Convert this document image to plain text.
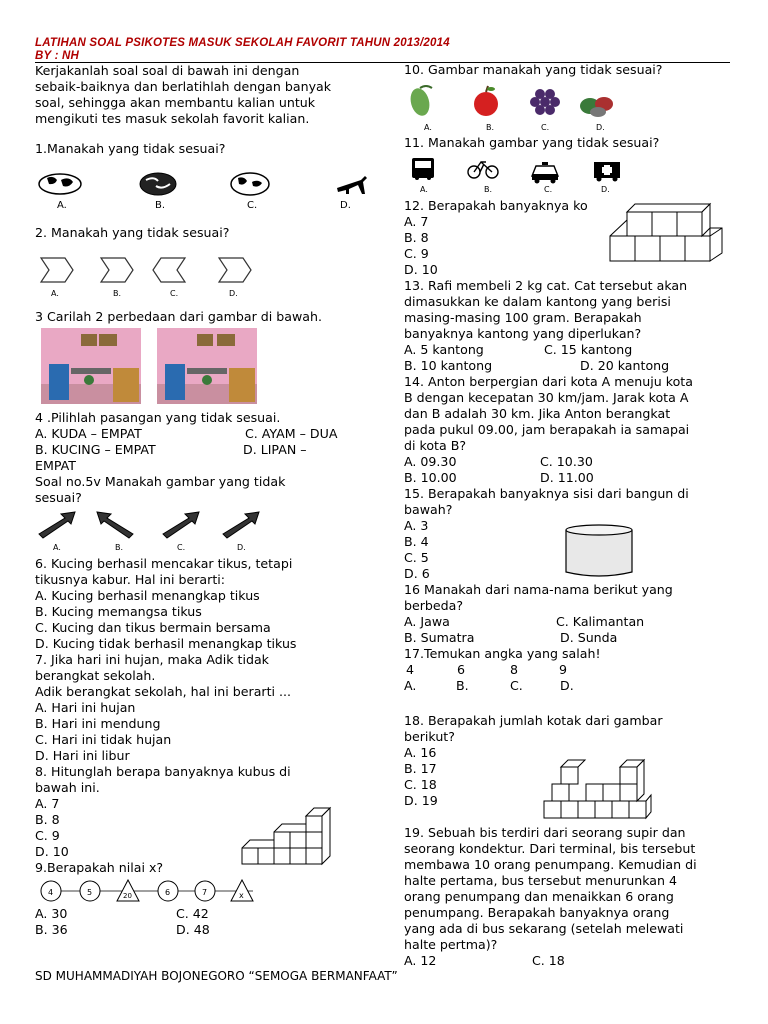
LATIHAN SOAL PSIKOTES MASUK SEKOLAH FAVORIT TAHUN 2013/2014
BY : NH
Kerjakanlah soal soal di bawah ini dengan
sebaik-baiknya dan berlatihlah dengan banyak
soal, sehingga akan membantu kalian untuk
mengikuti tes masuk sekolah favorit kalian.
1.Manakah yang tidak sesuai?
A.	B.	C.	D.
2. Manakah yang tidak sesuai?
A.	B.	C.	D.
3 Carilah 2 perbedaan dari gambar di bawah.
4 .Pilihlah pasangan yang tidak sesuai.
A. KUDA – EMPAT	C. AYAM – DUA
B. KUCING – EMPAT	D. LIPAN –
EMPAT
Soal no.5v Manakah gambar yang tidak
sesuai?
A.	B.	C.	D.
6. Kucing berhasil mencakar tikus, tetapi
tikusnya kabur. Hal ini berarti:
A. Kucing berhasil menangkap tikus
B. Kucing memangsa tikus
C. Kucing dan tikus bermain bersama
D. Kucing tidak berhasil menangkap tikus
7. Jika hari ini hujan, maka Adik tidak
berangkat sekolah.
Adik berangkat sekolah, hal ini berarti ...
A. Hari ini hujan
B. Hari ini mendung
C. Hari ini tidak hujan
D. Hari ini libur
8. Hitunglah berapa banyaknya kubus di
bawah ini.
A. 7
B. 8
C. 9
D. 10
9.Berapakah nilai x?
4	5	20	6	7	x
A. 30	C. 42
B. 36	D. 48
10. Gambar manakah yang tidak sesuai?
A.	B.	C.	D.
11. Manakah gambar yang tidak sesuai?
A.	B.	C.	D.
12. Berapakah banyaknya ko
A. 7
B. 8
C. 9
D. 10
13. Rafi membeli 2 kg cat. Cat tersebut akan
dimasukkan ke dalam kantong yang berisi
masing-masing 100 gram. Berapakah
banyaknya kantong yang diperlukan?
A. 5 kantong	C. 15 kantong
B. 10 kantong	D. 20 kantong
14. Anton berpergian dari kota A menuju kota
B dengan kecepatan 30 km/jam. Jarak kota A
dan B adalah 30 km. Jika Anton berangkat
pada pukul 09.00, jam berapakah ia samapai
di kota B?
A. 09.30	C. 10.30
B. 10.00	D. 11.00
15. Berapakah banyaknya sisi dari bangun di
bawah?
A. 3
B. 4
C. 5
D. 6
16 Manakah dari nama-nama berikut yang
berbeda?
A. Jawa	C. Kalimantan
B. Sumatra	D. Sunda
17.Temukan angka yang salah!
4	6	8	9
A.	B.	C.	D.
18. Berapakah jumlah kotak dari gambar
berikut?
A. 16
B. 17
C. 18
D. 19
19. Sebuah bis terdiri dari seorang supir dan
seorang kondektur. Dari terminal, bis tersebut
membawa 10 orang penumpang. Kemudian di
halte pertama, bus tersebut menurunkan 4
orang penumpang dan menaikkan 6 orang
penumpang. Berapakah banyaknya orang
yang ada di bus sekarang (setelah melewati
halte pertma)?
A. 12	C. 18
SD MUHAMMADIYAH BOJONEGORO “SEMOGA BERMANFAAT”
